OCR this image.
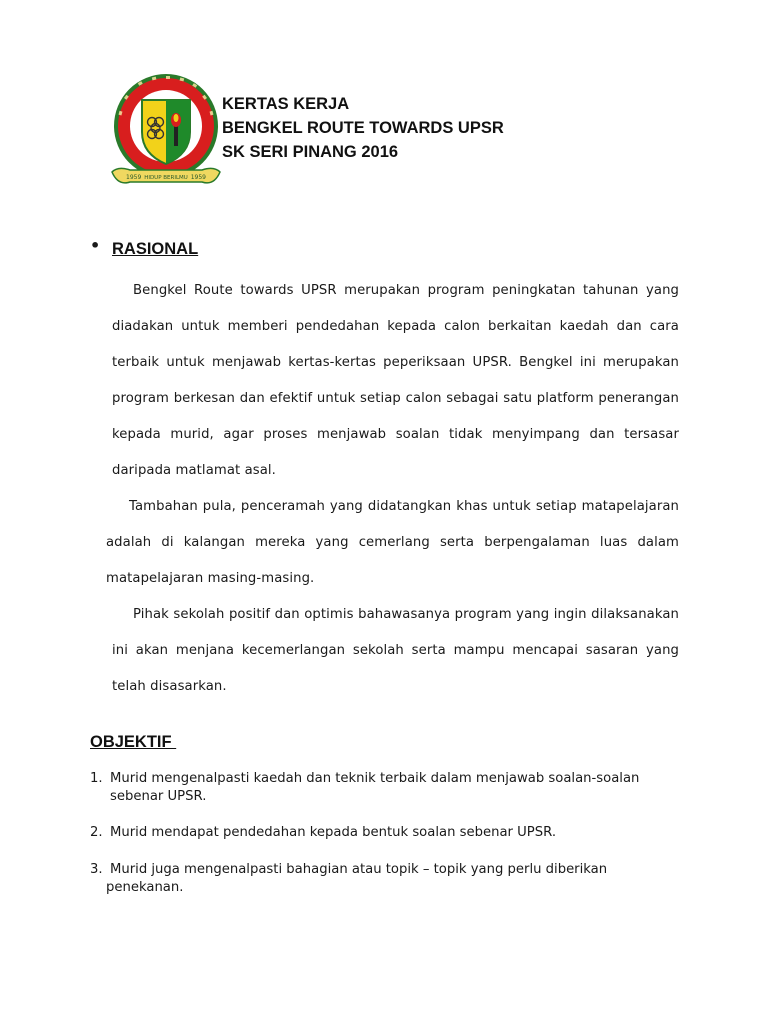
1959 HIDUP BERILMU 1959
KERTAS KERJA
BENGKEL ROUTE TOWARDS UPSR
SK SERI PINANG 2016
• RASIONAL
Bengkel Route towards UPSR merupakan program peningkatan tahunan yang
diadakan untuk memberi pendedahan kepada calon berkaitan kaedah dan cara
terbaik untuk menjawab kertas-kertas peperiksaan UPSR. Bengkel ini merupakan
program berkesan dan efektif untuk setiap calon sebagai satu platform penerangan
kepada murid, agar proses menjawab soalan tidak menyimpang dan tersasar
daripada matlamat asal.
Tambahan pula, penceramah yang didatangkan khas untuk setiap matapelajaran
adalah di kalangan mereka yang cemerlang serta berpengalaman luas dalam
matapelajaran masing-masing.
Pihak sekolah positif dan optimis bahawasanya program yang ingin dilaksanakan
ini akan menjana kecemerlangan sekolah serta mampu mencapai sasaran yang
telah disasarkan.
OBJEKTIF
1. Murid mengenalpasti kaedah dan teknik terbaik dalam menjawab soalan-soalan
sebenar UPSR.
2. Murid mendapat pendedahan kepada bentuk soalan sebenar UPSR.
3. Murid juga mengenalpasti bahagian atau topik – topik yang perlu diberikan
penekanan.
